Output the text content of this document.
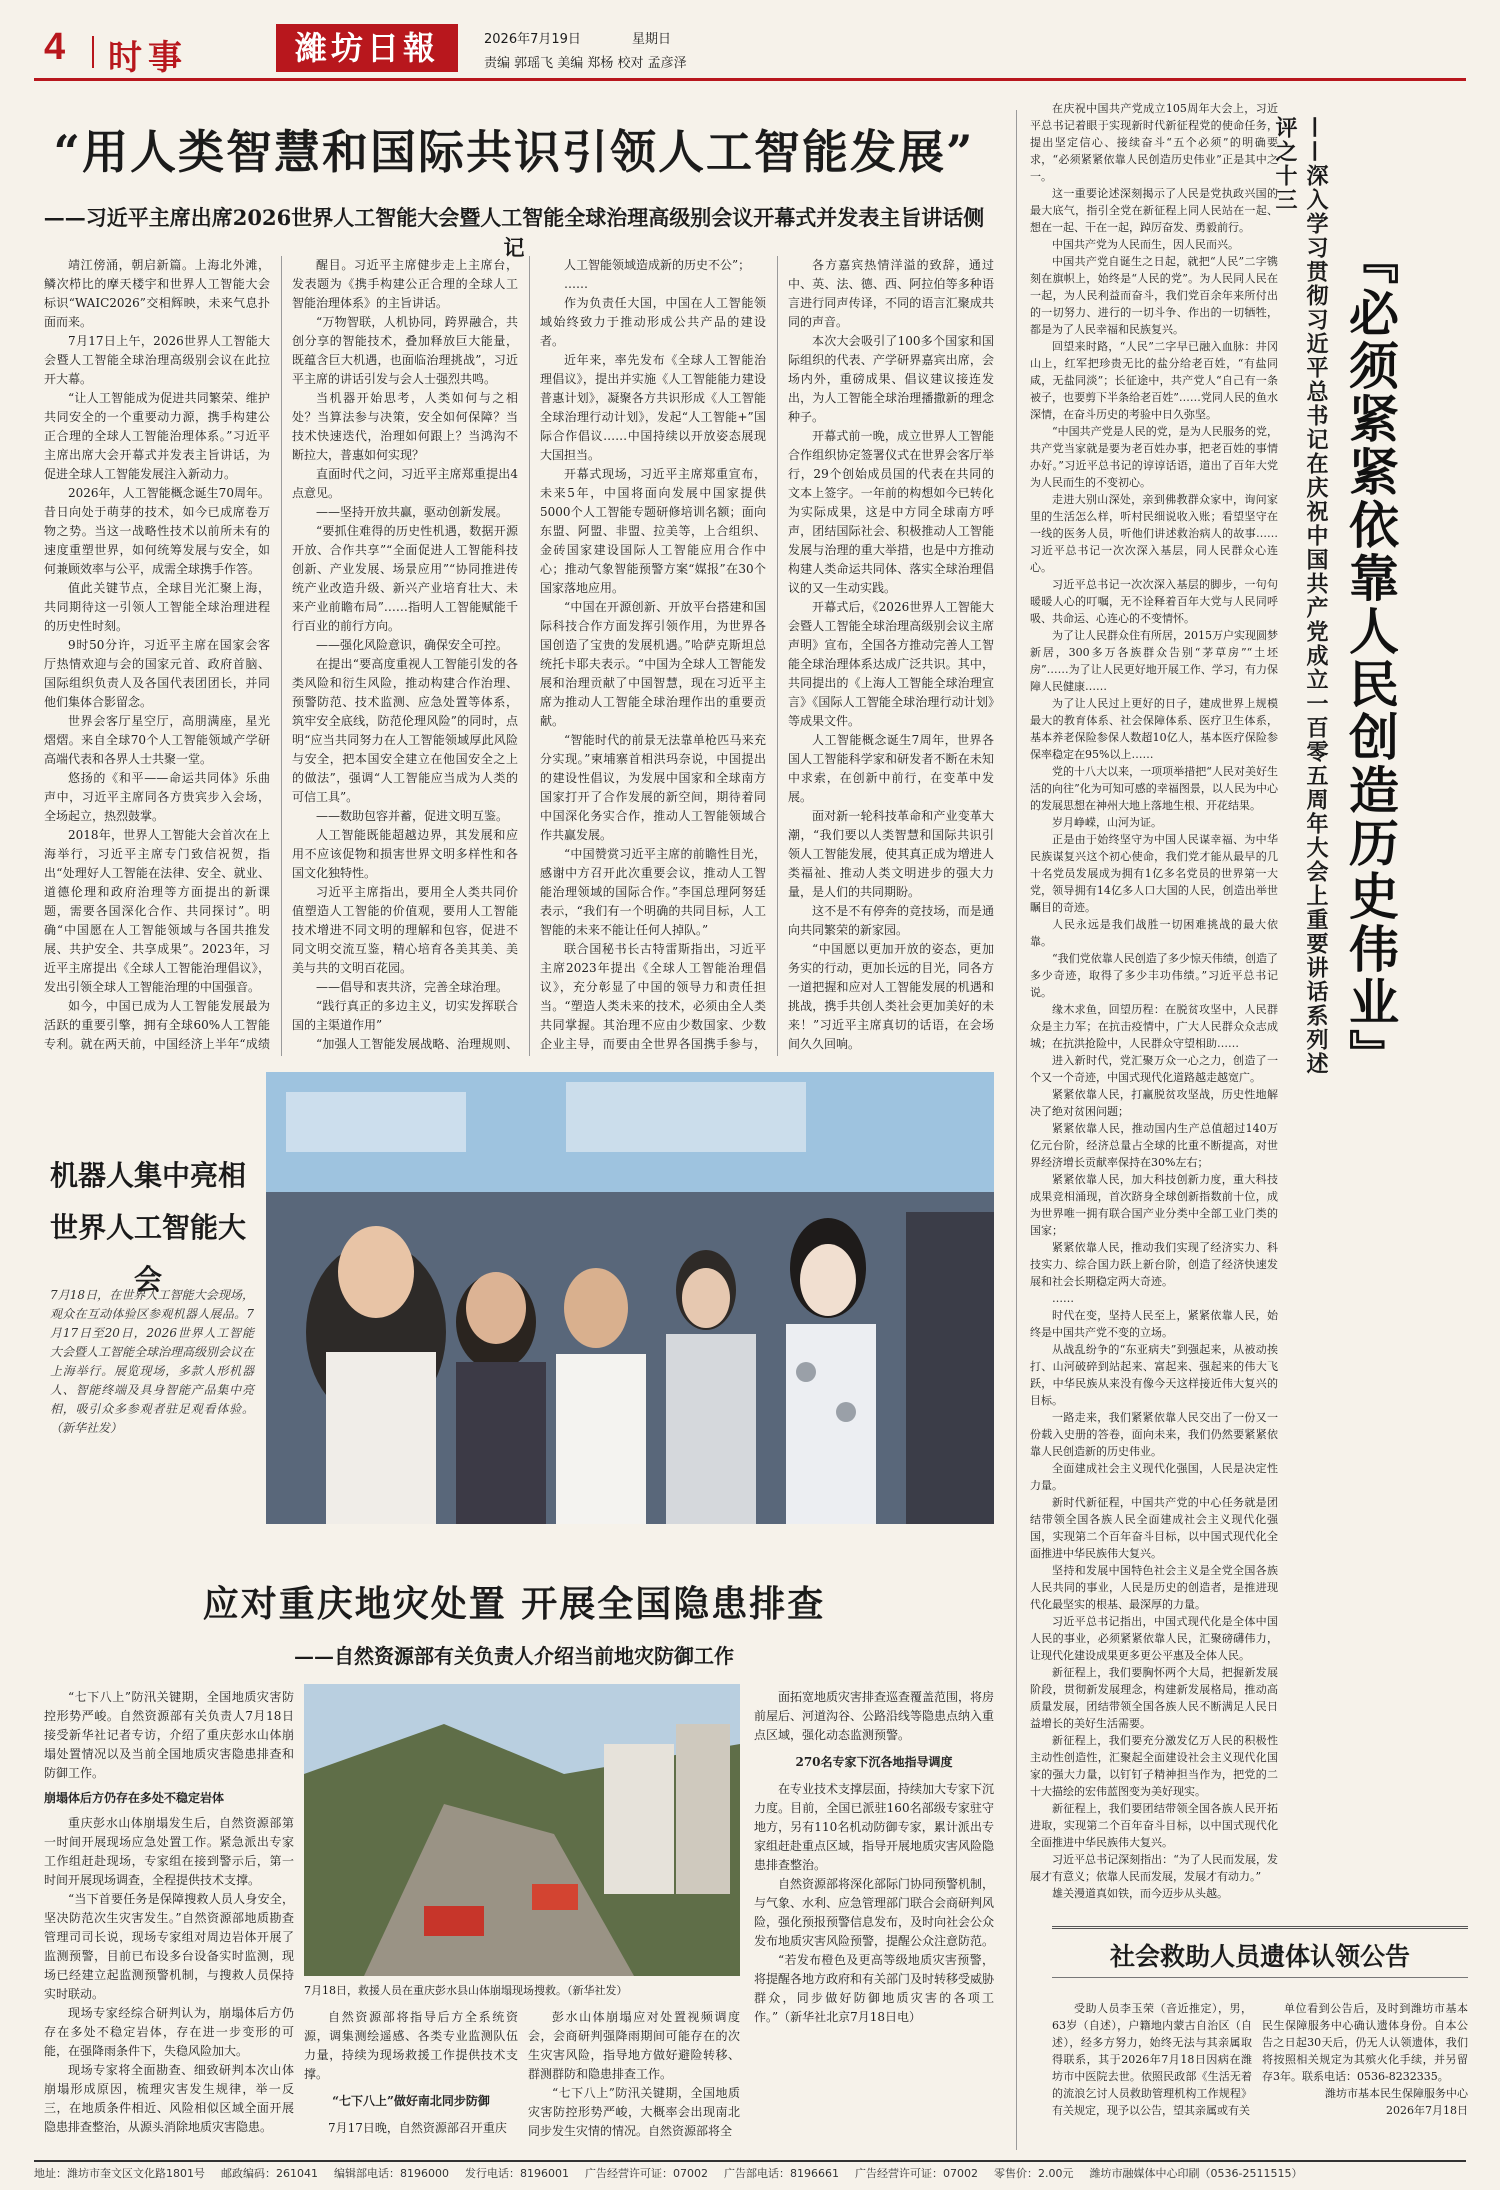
4 时事	濰坊日報	2026年7月19日	星期日
责编 郭瑶飞 美编 郑杨 校对 孟彦泽
“用人类智慧和国际共识引领人工智能发展”
——习近平主席出席2026世界人工智能大会暨人工智能全球治理高级别会议开幕式并发表主旨讲话侧记

靖江傍涌，朝启新篇。上海北外滩，鳞次栉比的摩天楼宇和世界人工智能大会标识“WAIC2026”交相辉映，未来气息扑面而来。

7月17日上午，2026世界人工智能大会暨人工智能全球治理高级别会议在此拉开大幕。

“让人工智能成为促进共同繁荣、维护共同安全的一个重要动力源，携手构建公正合理的全球人工智能治理体系。”习近平主席出席大会开幕式并发表主旨讲话，为促进全球人工智能发展注入新动力。

2026年，人工智能概念诞生70周年。昔日向处于萌芽的技术，如今已成席卷万物之势。当这一战略性技术以前所未有的速度重塑世界，如何统筹发展与安全，如何兼顾效率与公平，成需全球携手作答。

值此关键节点，全球目光汇聚上海，共同期待这一引领人工智能全球治理进程的历史性时刻。

9时50分许，习近平主席在国家会客厅热情欢迎与会的国家元首、政府首脑、国际组织负责人及各国代表团团长，并同他们集体合影留念。

世界会客厅星空厅，高朋满座，星光熠熠。来自全球70个人工智能领域产学研高端代表和各界人士共聚一堂。

悠扬的《和平——命运共同体》乐曲声中，习近平主席同各方贵宾步入会场，全场起立，热烈鼓掌。

2018年，世界人工智能大会首次在上海举行，习近平主席专门致信祝贺，指出“处理好人工智能在法律、安全、就业、道德伦理和政府治理等方面提出的新课题，需要各国深化合作、共同探讨”。明确“中国愿在人工智能领域与各国共推发展、共护安全、共享成果”。2023年，习近平主席提出《全球人工智能治理倡议》，发出引领全球人工智能治理的中国强音。

如今，中国已成为人工智能发展最为活跃的重要引擎，拥有全球60%人工智能专利。就在两天前，中国经济上半年“成绩

醒目。习近平主席健步走上主席台，发表题为《携手构建公正合理的全球人工智能治理体系》的主旨讲话。

“万物智联，人机协同，跨界融合，共创分享的智能技术，叠加释放巨大能量，既蕴含巨大机遇，也面临治理挑战”，习近平主席的讲话引发与会人士强烈共鸣。

当机器开始思考，人类如何与之相处？当算法参与决策，安全如何保障？当技术快速迭代，治理如何跟上？当鸿沟不断拉大，普惠如何实现？

直面时代之问，习近平主席郑重提出4点意见。

——坚持开放共赢，驱动创新发展。

“要抓住难得的历史性机遇，数据开源开放、合作共享”“全面促进人工智能科技创新、产业发展、场景应用”“协同推进传统产业改造升级、新兴产业培育壮大、未来产业前瞻布局”……指明人工智能赋能千行百业的前行方向。

——强化风险意识，确保安全可控。

在提出“要高度重视人工智能引发的各类风险和衍生风险，推动构建合作治理、预警防范、技术监测、应急处置等体系，筑牢安全底线，防范伦理风险”的同时，点明“应当共同努力在人工智能领域厚此风险与安全，把本国安全建立在他国安全之上的做法”，强调“人工智能应当成为人类的可信工具”。

——数助包容并蓄，促进文明互鉴。

人工智能既能超越边界，其发展和应用不应该促物和损害世界文明多样性和各国文化独特性。

习近平主席指出，要用全人类共同价值塑造人工智能的价值观，要用人工智能技术增进不同文明的理解和包容，促进不同文明交流互鉴，精心培育各美其美、美美与共的文明百花园。

——倡导和衷共济，完善全球治理。

“践行真正的多边主义，切实发挥联合国的主渠道作用”

“加强人工智能发展战略、治理规则、

人工智能领域造成新的历史不公”；

……

作为负责任大国，中国在人工智能领域始终致力于推动形成公共产品的建设者。

近年来，率先发布《全球人工智能治理倡议》，提出并实施《人工智能能力建设普惠计划》，凝聚各方共识形成《人工智能全球治理行动计划》，发起“人工智能+”国际合作倡议……中国持续以开放姿态展现大国担当。

开幕式现场，习近平主席郑重宣布，未来5年，中国将面向发展中国家提供5000个人工智能专题研修培训名额；面向东盟、阿盟、非盟、拉美等，上合组织、金砖国家建设国际人工智能应用合作中心；推动气象智能预警方案“媒报”在30个国家落地应用。

“中国在开源创新、开放平台搭建和国际科技合作方面发挥引领作用，为世界各国创造了宝贵的发展机遇。”哈萨克斯坦总统托卡耶夫表示。“中国为全球人工智能发展和治理贡献了中国智慧，现在习近平主席为推动人工智能全球治理作出的重要贡献。

“智能时代的前景无法靠单枪匹马来充分实现。”柬埔寨首相洪玛奈说，中国提出的建设性倡议，为发展中国家和全球南方国家打开了合作发展的新空间，期待着同中国深化务实合作，推动人工智能领域合作共赢发展。

“中国赞赏习近平主席的前瞻性目光，感谢中方召开此次重要会议，推动人工智能治理领域的国际合作。”李国总理阿努廷表示，“我们有一个明确的共同目标，人工智能的未来不能让任何人掉队。”

联合国秘书长古特雷斯指出，习近平主席2023年提出《全球人工智能治理倡议》，充分彰显了中国的领导力和责任担当。“塑造人类未来的技术，必须由全人类共同掌握。其治理不应由少数国家、少数企业主导，而要由全世界各国携手参与，

各方嘉宾热情洋溢的致辞，通过中、英、法、德、西、阿拉伯等多种语言进行同声传译，不同的语言汇聚成共同的声音。

本次大会吸引了100多个国家和国际组织的代表、产学研界嘉宾出席，会场内外，重磅成果、倡议建议接连发出，为人工智能全球治理播撒新的理念种子。

开幕式前一晚，成立世界人工智能合作组织协定签署仪式在世界会客厅举行，29个创始成员国的代表在共同的文本上签字。一年前的构想如今已转化为实际成果，这是中方同全球南方呼声，团结国际社会、积极推动人工智能发展与治理的重大举措，也是中方推动构建人类命运共同体、落实全球治理倡议的又一生动实践。

开幕式后，《2026世界人工智能大会暨人工智能全球治理高级别会议主席声明》宣布，全国各方推动完善人工智能全球治理体系达成广泛共识。其中，共同提出的《上海人工智能全球治理宣言》《国际人工智能全球治理行动计划》等成果文件。

人工智能概念诞生7周年，世界各国人工智能科学家和研发者不断在未知中求索，在创新中前行，在变革中发展。

面对新一轮科技革命和产业变革大潮，“我们要以人类智慧和国际共识引领人工智能发展，使其真正成为增进人类福祉、推动人类文明进步的强大力量，是人们的共同期盼。

这不是不有停奔的竞技场，而是通向共同繁荣的新家园。

“中国愿以更加开放的姿态，更加务实的行动，更加长远的目光，同各方一道把握和应对人工智能发展的机遇和挑战，携手共创人类社会更加美好的未来！”习近平主席真切的话语，在会场间久久回响。

机器人集中亮相世界人工智能大会
7月18日，在世界人工智能大会现场，观众在互动体验区参观机器人展品。7月17日至20日，2026世界人工智能大会暨人工智能全球治理高级别会议在上海举行。展览现场，多款人形机器人、智能终端及具身智能产品集中亮相，吸引众多参观者驻足观看体验。（新华社发）
应对重庆地灾处置 开展全国隐患排查
——自然资源部有关负责人介绍当前地灾防御工作

“七下八上”防汛关键期，全国地质灾害防控形势严峻。自然资源部有关负责人7月18日接受新华社记者专访，介绍了重庆彭水山体崩塌处置情况以及当前全国地质灾害隐患排查和防御工作。

崩塌体后方仍存在多处不稳定岩体

重庆彭水山体崩塌发生后，自然资源部第一时间开展现场应急处置工作。紧急派出专家工作组赶赴现场，专家组在接到警示后，第一时间开展现场调查，全程提供技术支撑。

“当下首要任务是保障搜救人员人身安全，坚决防范次生灾害发生。”自然资源部地质勘查管理司司长说，现场专家组对周边岩体开展了监测预警，目前已布设多台设备实时监测，现场已经建立起监测预警机制，与搜救人员保持实时联动。

现场专家经综合研判认为，崩塌体后方仍存在多处不稳定岩体，存在进一步变形的可能，在强降雨条件下，失稳风险加大。

现场专家将全面勘查、细致研判本次山体崩塌形成原因，梳理灾害发生规律，举一反三，在地质条件相近、风险相似区域全面开展隐患排查整治，从源头消除地质灾害隐患。

7月18日，救援人员在重庆彭水县山体崩塌现场搜救。（新华社发）

自然资源部将指导后方全系统资源，调集测绘遥感、各类专业监测队伍力量，持续为现场救援工作提供技术支撑。

“七下八上”做好南北同步防御

7月17日晚，自然资源部召开重庆

彭水山体崩塌应对处置视频调度会，会商研判强降雨期间可能存在的次生灾害风险，指导地方做好避险转移、群测群防和隐患排查工作。

“七下八上”防汛关键期，全国地质灾害防控形势严峻，大概率会出现南北同步发生灾情的情况。自然资源部将全

面拓宽地质灾害排查巡查覆盖范围，将房前屋后、河道沟谷、公路沿线等隐患点纳入重点区域，强化动态监测预警。

270名专家下沉各地指导调度

在专业技术支撑层面，持续加大专家下沉力度。目前，全国已派驻160名部级专家驻守地方，另有110名机动防御专家，累计派出专家组赶赴重点区域，指导开展地质灾害风险隐患排查整治。

自然资源部将深化部际门协同预警机制，与气象、水利、应急管理部门联合会商研判风险，强化预报预警信息发布，及时向社会公众发布地质灾害风险预警，提醒公众注意防范。

“若发布橙色及更高等级地质灾害预警，将提醒各地方政府和有关部门及时转移受威胁群众，同步做好防御地质灾害的各项工作。”（新华社北京7月18日电）

『必须紧紧依靠人民创造历史伟业』
——深入学习贯彻习近平总书记在庆祝中国共产党成立一百零五周年大会上重要讲话系列述评之十三

在庆祝中国共产党成立105周年大会上，习近平总书记着眼于实现新时代新征程党的使命任务，提出坚定信心、接续奋斗“五个必须”的明确要求，“必须紧紧依靠人民创造历史伟业”正是其中之一。

这一重要论述深刻揭示了人民是党执政兴国的最大底气，指引全党在新征程上同人民站在一起、想在一起、干在一起，踔厉奋发、勇毅前行。

中国共产党为人民而生，因人民而兴。

中国共产党自诞生之日起，就把“人民”二字镌刻在旗帜上，始终是“人民的党”。为人民同人民在一起，为人民利益而奋斗，我们党百余年来所付出的一切努力、进行的一切斗争、作出的一切牺牲，都是为了人民幸福和民族复兴。

回望来时路，“人民”二字早已融入血脉：井冈山上，红军把珍贵无比的盐分给老百姓，“有盐同咸，无盐同淡”；长征途中，共产党人“自己有一条被子，也要剪下半条给老百姓”……党同人民的鱼水深情，在奋斗历史的考验中日久弥坚。

“中国共产党是人民的党，是为人民服务的党，共产党当家就是要为老百姓办事，把老百姓的事情办好。”习近平总书记的谆谆话语，道出了百年大党为人民而生的不变初心。

走进大别山深处，亲到佛教群众家中，询问家里的生活怎么样，听村民细说收入账；看望坚守在一线的医务人员，听他们讲述救治病人的故事……习近平总书记一次次深入基层，同人民群众心连心。

习近平总书记一次次深入基层的脚步，一句句暖暖人心的叮嘱，无不诠释着百年大党与人民同呼吸、共命运、心连心的不变情怀。

为了让人民群众住有所居，2015万户实现圆梦新居，300多万各族群众告别“茅草房”“土坯房”……为了让人民更好地开展工作、学习，有力保障人民健康……

为了让人民过上更好的日子，建成世界上规模最大的教育体系、社会保障体系、医疗卫生体系，基本养老保险参保人数超10亿人，基本医疗保险参保率稳定在95%以上……

党的十八大以来，一项项举措把“人民对美好生活的向往”化为可知可感的幸福图景，以人民为中心的发展思想在神州大地上落地生根、开花结果。

岁月峥嵘，山河为证。

正是由于始终坚守为中国人民谋幸福、为中华民族谋复兴这个初心使命，我们党才能从最早的几十名党员发展成为拥有1亿多名党员的世界第一大党，领导拥有14亿多人口大国的人民，创造出举世瞩目的奇迹。

人民永远是我们战胜一切困难挑战的最大依靠。

“我们党依靠人民创造了多少惊天伟绩，创造了多少奇迹，取得了多少丰功伟绩。”习近平总书记说。

缘木求鱼，回望历程：在脱贫攻坚中，人民群众是主力军；在抗击疫情中，广大人民群众众志成城；在抗洪抢险中，人民群众守望相助……

进入新时代，党汇聚万众一心之力，创造了一个又一个奇迹，中国式现代化道路越走越宽广。

紧紧依靠人民，打赢脱贫攻坚战，历史性地解决了绝对贫困问题；

紧紧依靠人民，推动国内生产总值超过140万亿元台阶，经济总量占全球的比重不断提高，对世界经济增长贡献率保持在30%左右；

紧紧依靠人民，加大科技创新力度，重大科技成果竞相涌现，首次跻身全球创新指数前十位，成为世界唯一拥有联合国产业分类中全部工业门类的国家；

紧紧依靠人民，推动我们实现了经济实力、科技实力、综合国力跃上新台阶，创造了经济快速发展和社会长期稳定两大奇迹。

……

时代在变，坚持人民至上，紧紧依靠人民，始终是中国共产党不变的立场。

从战乱纷争的“东亚病夫”到强起来，从被动挨打、山河破碎到站起来、富起来、强起来的伟大飞跃，中华民族从来没有像今天这样接近伟大复兴的目标。

一路走来，我们紧紧依靠人民交出了一份又一份载入史册的答卷，面向未来，我们仍然要紧紧依靠人民创造新的历史伟业。

全面建成社会主义现代化强国，人民是决定性力量。

新时代新征程，中国共产党的中心任务就是团结带领全国各族人民全面建成社会主义现代化强国，实现第二个百年奋斗目标，以中国式现代化全面推进中华民族伟大复兴。

坚持和发展中国特色社会主义是全党全国各族人民共同的事业，人民是历史的创造者，是推进现代化最坚实的根基、最深厚的力量。

习近平总书记指出，中国式现代化是全体中国人民的事业，必须紧紧依靠人民，汇聚磅礴伟力，让现代化建设成果更多更公平惠及全体人民。

新征程上，我们要胸怀两个大局，把握新发展阶段，贯彻新发展理念，构建新发展格局，推动高质量发展，团结带领全国各族人民不断满足人民日益增长的美好生活需要。

新征程上，我们要充分激发亿万人民的积极性主动性创造性，汇聚起全面建设社会主义现代化国家的强大力量，以钉钉子精神担当作为，把党的二十大描绘的宏伟蓝图变为美好现实。

新征程上，我们要团结带领全国各族人民开拓进取，实现第二个百年奋斗目标，以中国式现代化全面推进中华民族伟大复兴。

习近平总书记深刻指出：“为了人民而发展，发展才有意义；依靠人民而发展，发展才有动力。”

雄关漫道真如铁，而今迈步从头越。

社会救助人员遗体认领公告

受助人员李玉荣（音近推定），男，63岁（自述），户籍地内蒙古自治区（自述），经多方努力，始终无法与其亲属取得联系，其于2026年7月18日因病在潍坊市中医院去世。依照民政部《生活无着的流浪乞讨人员救助管理机构工作规程》有关规定，现予以公告，望其亲属或有关

单位看到公告后，及时到潍坊市基本民生保障服务中心确认遗体身份。自本公告之日起30天后，仍无人认领遗体，我们将按照相关规定为其殡火化手续，并另留存3年。联系电话：0536-8232335。

潍坊市基本民生保障服务中心

2026年7月18日

地址：潍坊市奎文区文化路1801号 邮政编码：261041 编辑部电话：8196000 发行电话：8196001 广告经营许可证：07002 广告部电话：8196661 广告经营许可证：07002 零售价：2.00元 潍坊市融媒体中心印刷（0536-2511515）
